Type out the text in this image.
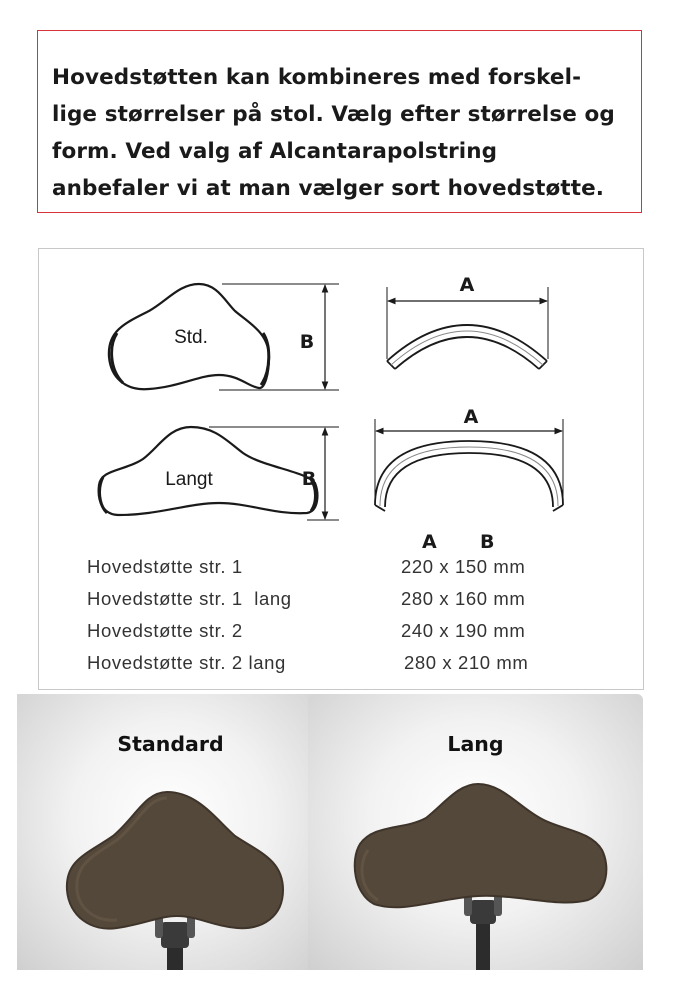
Hovedstøtten kan kombineres med forskel-
lige størrelser på stol. Vælg efter størrelse og
form. Ved valg af Alcantarapolstring
anbefaler vi at man vælger sort hovedstøtte.

Std.	B
A
Langt	B
A
A B
Hovedstøtte str. 1	220 x 150 mm
Hovedstøtte str. 1  lang	280 x 160 mm
Hovedstøtte str. 2	240 x 190 mm
Hovedstøtte str. 2 lang	280 x 210 mm
Standard	Lang
